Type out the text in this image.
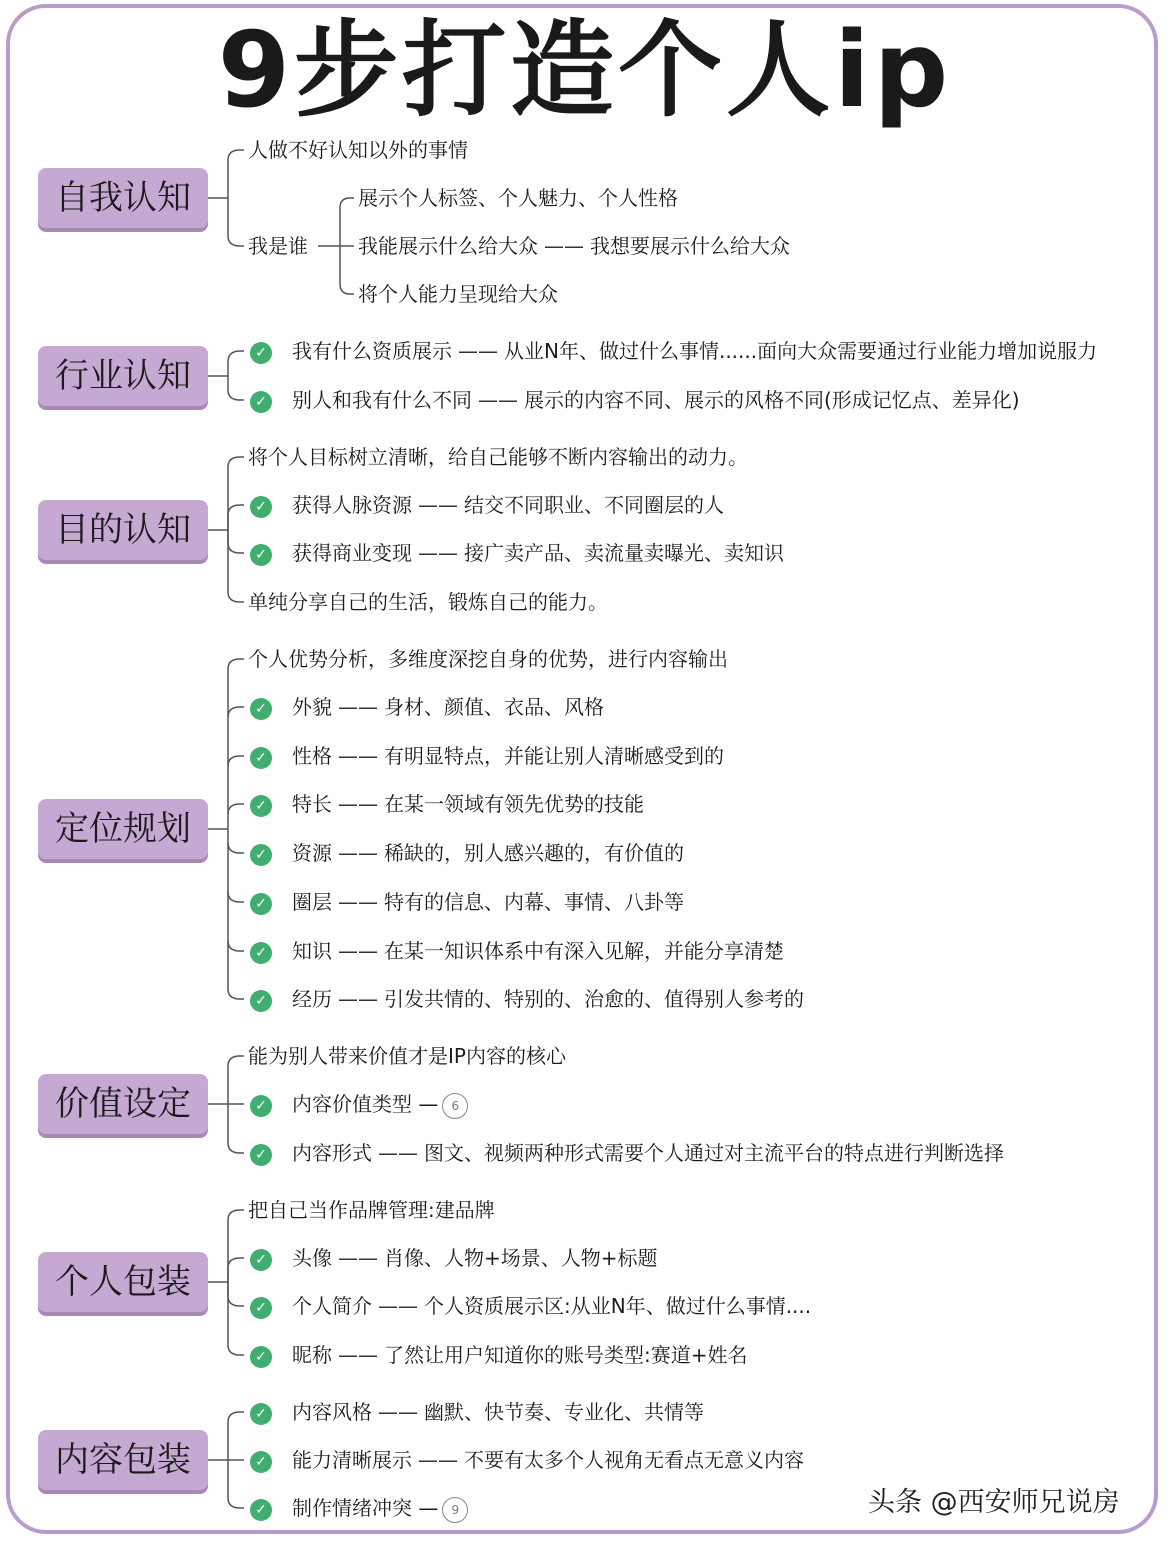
9步打造个人ip
自我认知
人做不好认知以外的事情
我是谁
展示个人标签、个人魅力、个人性格
我能展示什么给大众 —— 我想要展示什么给大众
将个人能力呈现给大众
行业认知
✓ 我有什么资质展示 —— 从业N年、做过什么事情......面向大众需要通过行业能力增加说服力
✓ 别人和我有什么不同 —— 展示的内容不同、展示的风格不同(形成记忆点、差异化)
目的认知
将个人目标树立清晰，给自己能够不断内容输出的动力。
✓ 获得人脉资源 —— 结交不同职业、不同圈层的人
✓ 获得商业变现 —— 接广卖产品、卖流量卖曝光、卖知识
单纯分享自己的生活，锻炼自己的能力。
定位规划
个人优势分析，多维度深挖自身的优势，进行内容输出
✓ 外貌 —— 身材、颜值、衣品、风格
✓ 性格 —— 有明显特点，并能让别人清晰感受到的
✓ 特长 —— 在某一领域有领先优势的技能
✓ 资源 —— 稀缺的，别人感兴趣的，有价值的
✓ 圈层 —— 特有的信息、内幕、事情、八卦等
✓ 知识 —— 在某一知识体系中有深入见解，并能分享清楚
✓ 经历 —— 引发共情的、特别的、治愈的、值得别人参考的
价值设定
能为别人带来价值才是IP内容的核心
✓ 内容价值类型 — 6
✓ 内容形式 —— 图文、视频两种形式需要个人通过对主流平台的特点进行判断选择
个人包装
把自己当作品牌管理:建品牌
✓ 头像 —— 肖像、人物+场景、人物+标题
✓ 个人简介 —— 个人资质展示区:从业N年、做过什么事情....
✓ 昵称 —— 了然让用户知道你的账号类型:赛道+姓名
内容包装
✓ 内容风格 —— 幽默、快节奏、专业化、共情等
✓ 能力清晰展示 —— 不要有太多个人视角无看点无意义内容
✓ 制作情绪冲突 — 9	头条 @西安师兄说房
